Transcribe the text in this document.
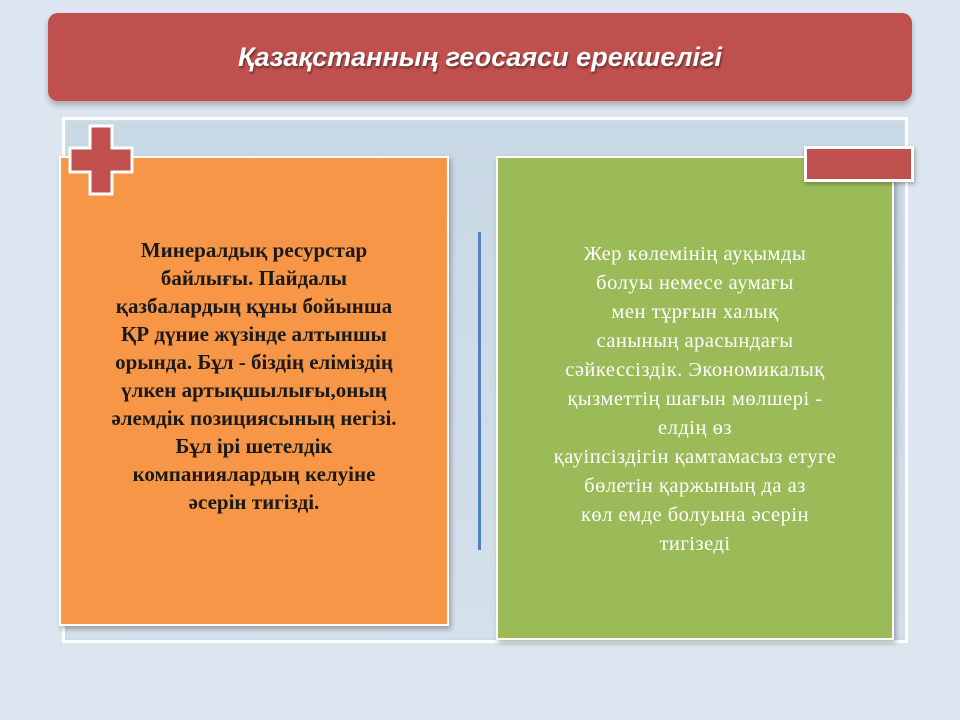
Қазақстанның геосаяси ерекшелігі
Минералдық ресурстар
байлығы. Пайдалы
қазбалардың құны бойынша
ҚР дүние жүзінде алтыншы
орында. Бұл - біздің еліміздің
үлкен артықшылығы,оның
әлемдік позициясының негізі.
Бұл ірі шетелдік
компаниялардың келуіне
әсерін тигізді.
Жер көлемінің ауқымды
болуы немесе аумағы
мен тұрғын халық
санының арасындағы
сәйкессіздік. Экономикалық
қызметтің шағын мөлшері -
елдің өз
қауіпсіздігін қамтамасыз етуге
бөлетін қаржының да аз
көл емде болуына әсерін
тигізеді
